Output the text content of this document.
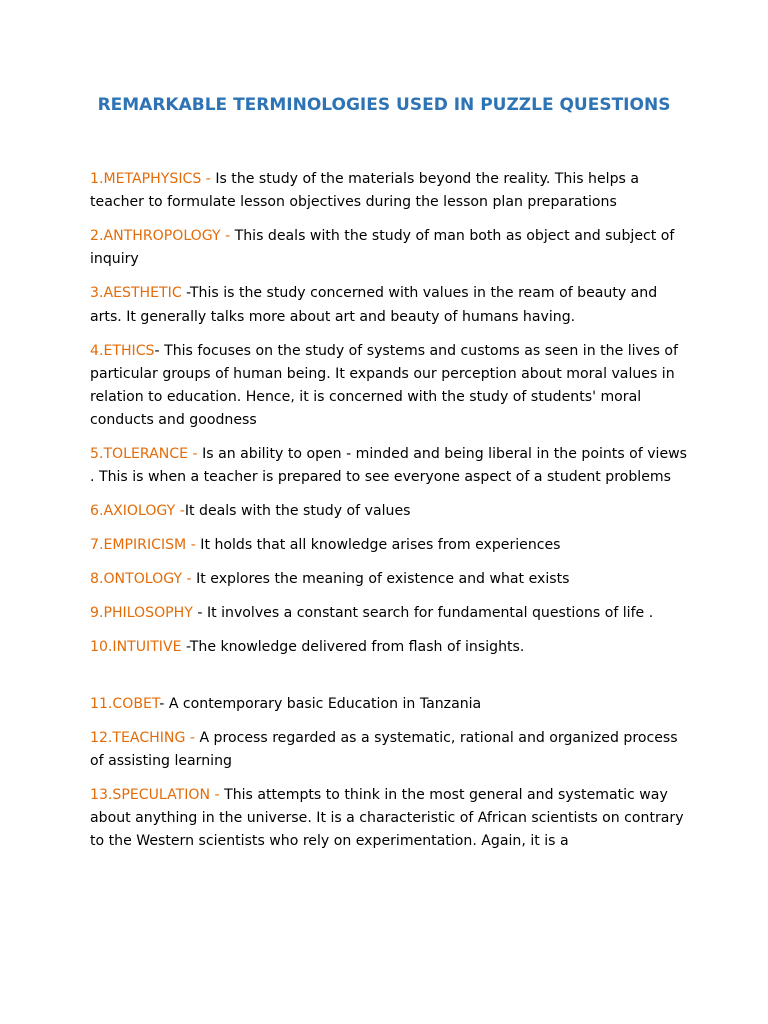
REMARKABLE TERMINOLOGIES USED IN PUZZLE QUESTIONS
1.METAPHYSICS - Is the study of the materials beyond the reality. This helps a teacher to formulate lesson objectives during the lesson plan preparations
2.ANTHROPOLOGY - This deals with the study of man both as object and subject of inquiry
3.AESTHETIC -This is the study concerned with values in the ream of beauty and arts. It generally talks more about art and beauty of humans having.
4.ETHICS- This focuses on the study of systems and customs as seen in the lives of particular groups of human being. It expands our perception about moral values in relation to education. Hence, it is concerned with the study of students' moral conducts and goodness
5.TOLERANCE - Is an ability to open - minded and being liberal in the points of views . This is when a teacher is prepared to see everyone aspect of a student problems
6.AXIOLOGY -It deals with the study of values
7.EMPIRICISM - It holds that all knowledge arises from experiences
8.ONTOLOGY - It explores the meaning of existence and what exists
9.PHILOSOPHY - It involves a constant search for fundamental questions of life .
10.INTUITIVE -The knowledge delivered from flash of insights.
11.COBET- A contemporary basic Education in Tanzania
12.TEACHING - A process regarded as a systematic, rational and organized process of assisting learning
13.SPECULATION - This attempts to think in the most general and systematic way about anything in the universe. It is a characteristic of African scientists on contrary to the Western scientists who rely on experimentation. Again, it is a
